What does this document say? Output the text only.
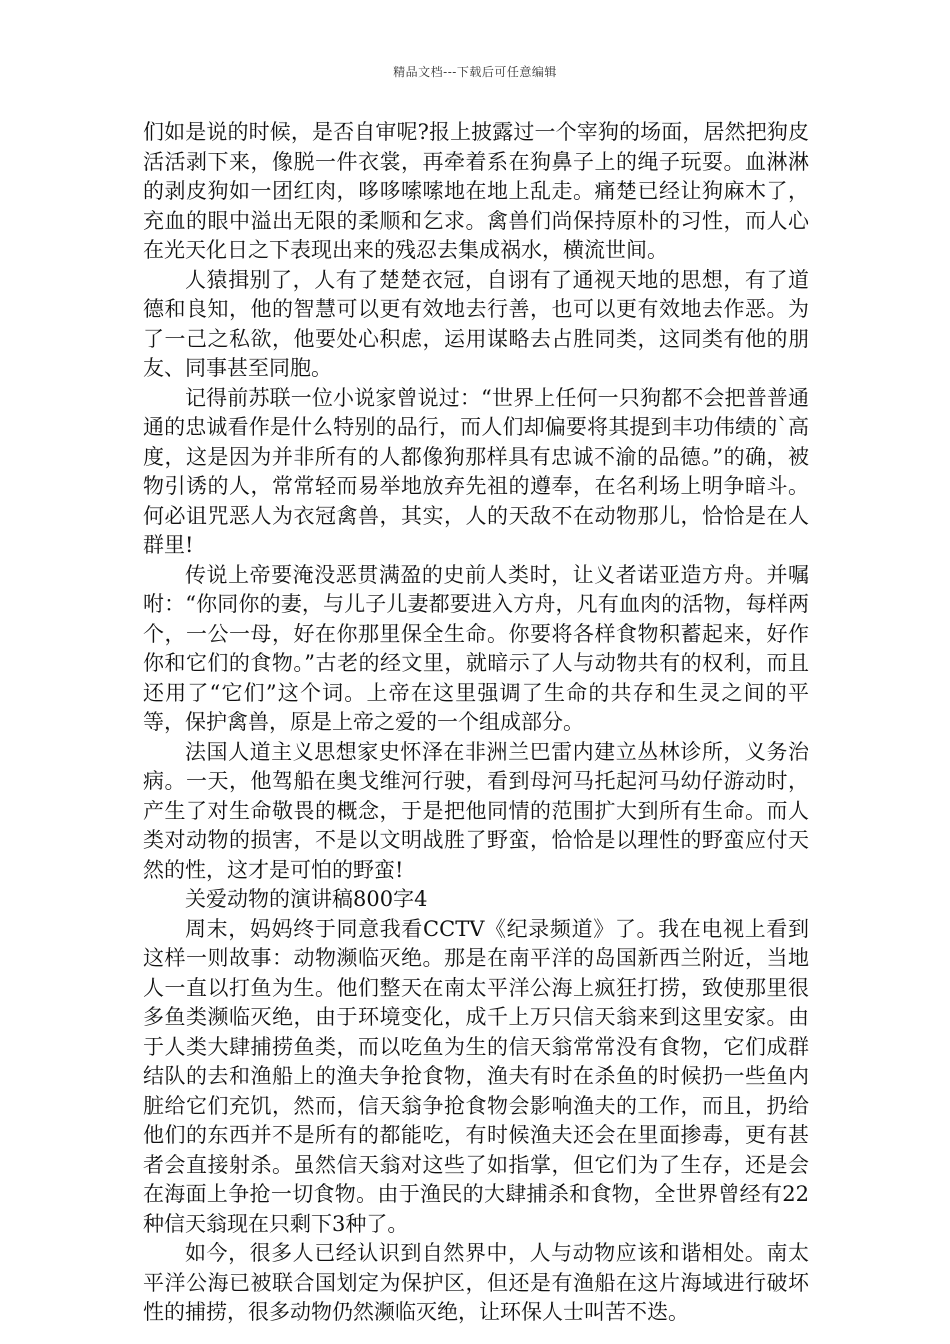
精品文档---下载后可任意编辑

们如是说的时候，是否自审呢?报上披露过一个宰狗的场面，居然把狗皮活活剥下来，像脱一件衣裳，再牵着系在狗鼻子上的绳子玩耍。血淋淋的剥皮狗如一团红肉，哆哆嗦嗦地在地上乱走。痛楚已经让狗麻木了，充血的眼中溢出无限的柔顺和乞求。禽兽们尚保持原朴的习性，而人心在光天化日之下表现出来的残忍去集成祸水，横流世间。

人猿揖别了，人有了楚楚衣冠，自诩有了通视天地的思想，有了道德和良知，他的智慧可以更有效地去行善，也可以更有效地去作恶。为了一己之私欲，他要处心积虑，运用谋略去占胜同类，这同类有他的朋友、同事甚至同胞。

记得前苏联一位小说家曾说过：“世界上任何一只狗都不会把普普通通的忠诚看作是什么特别的品行，而人们却偏要将其提到丰功伟绩的`高度，这是因为并非所有的人都像狗那样具有忠诚不渝的品德。”的确，被物引诱的人，常常轻而易举地放弃先祖的遵奉，在名利场上明争暗斗。何必诅咒恶人为衣冠禽兽，其实，人的天敌不在动物那儿，恰恰是在人群里!

传说上帝要淹没恶贯满盈的史前人类时，让义者诺亚造方舟。并嘱咐：“你同你的妻，与儿子儿妻都要进入方舟，凡有血肉的活物，每样两个，一公一母，好在你那里保全生命。你要将各样食物积蓄起来，好作你和它们的食物。”古老的经文里，就暗示了人与动物共有的权利，而且还用了“它们”这个词。上帝在这里强调了生命的共存和生灵之间的平等，保护禽兽，原是上帝之爱的一个组成部分。

法国人道主义思想家史怀泽在非洲兰巴雷内建立丛林诊所，义务治病。一天，他驾船在奥戈维河行驶，看到母河马托起河马幼仔游动时，产生了对生命敬畏的概念，于是把他同情的范围扩大到所有生命。而人类对动物的损害，不是以文明战胜了野蛮，恰恰是以理性的野蛮应付天然的性，这才是可怕的野蛮!

关爱动物的演讲稿800字4

周末，妈妈终于同意我看CCTV《纪录频道》了。我在电视上看到这样一则故事：动物濒临灭绝。那是在南平洋的岛国新西兰附近，当地人一直以打鱼为生。他们整天在南太平洋公海上疯狂打捞，致使那里很多鱼类濒临灭绝，由于环境变化，成千上万只信天翁来到这里安家。由于人类大肆捕捞鱼类，而以吃鱼为生的信天翁常常没有食物，它们成群结队的去和渔船上的渔夫争抢食物，渔夫有时在杀鱼的时候扔一些鱼内脏给它们充饥，然而，信天翁争抢食物会影响渔夫的工作，而且，扔给他们的东西并不是所有的都能吃，有时候渔夫还会在里面掺毒，更有甚者会直接射杀。虽然信天翁对这些了如指掌，但它们为了生存，还是会在海面上争抢一切食物。由于渔民的大肆捕杀和食物，全世界曾经有22种信天翁现在只剩下3种了。

如今，很多人已经认识到自然界中，人与动物应该和谐相处。南太平洋公海已被联合国划定为保护区，但还是有渔船在这片海域进行破坏性的捕捞，很多动物仍然濒临灭绝，让环保人士叫苦不迭。
